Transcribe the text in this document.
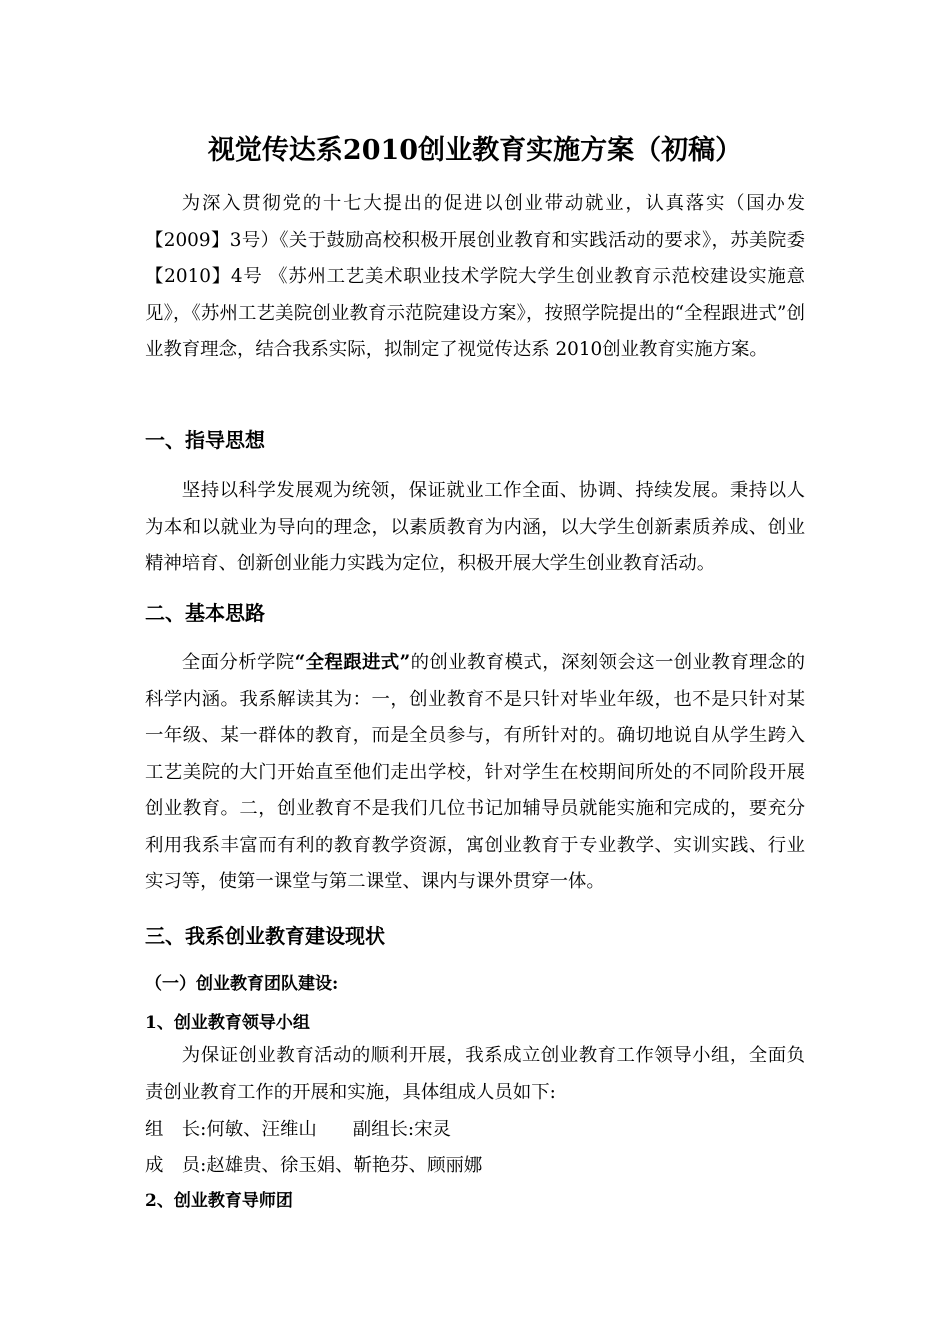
视觉传达系2010创业教育实施方案（初稿）

为深入贯彻党的十七大提出的促进以创业带动就业，认真落实（国办发【2009】3号）《关于鼓励高校积极开展创业教育和实践活动的要求》，苏美院委【2010】4号 《苏州工艺美术职业技术学院大学生创业教育示范校建设实施意见》，《苏州工艺美院创业教育示范院建设方案》，按照学院提出的“全程跟进式”创业教育理念，结合我系实际，拟制定了视觉传达系 2010创业教育实施方案。

一、指导思想

坚持以科学发展观为统领，保证就业工作全面、协调、持续发展。秉持以人为本和以就业为导向的理念，以素质教育为内涵，以大学生创新素质养成、创业精神培育、创新创业能力实践为定位，积极开展大学生创业教育活动。

二、基本思路

全面分析学院“全程跟进式”的创业教育模式，深刻领会这一创业教育理念的科学内涵。我系解读其为：一，创业教育不是只针对毕业年级，也不是只针对某一年级、某一群体的教育，而是全员参与，有所针对的。确切地说自从学生跨入工艺美院的大门开始直至他们走出学校，针对学生在校期间所处的不同阶段开展创业教育。二，创业教育不是我们几位书记加辅导员就能实施和完成的，要充分利用我系丰富而有利的教育教学资源，寓创业教育于专业教学、实训实践、行业实习等，使第一课堂与第二课堂、课内与课外贯穿一体。

三、我系创业教育建设现状
（一）创业教育团队建设:
1、创业教育领导小组

为保证创业教育活动的顺利开展，我系成立创业教育工作领导小组，全面负责创业教育工作的开展和实施，具体组成人员如下:

组　长:何敏、汪维山 副组长:宋灵
成　员:赵雄贵、徐玉娟、靳艳芬、顾丽娜
2、创业教育导师团
